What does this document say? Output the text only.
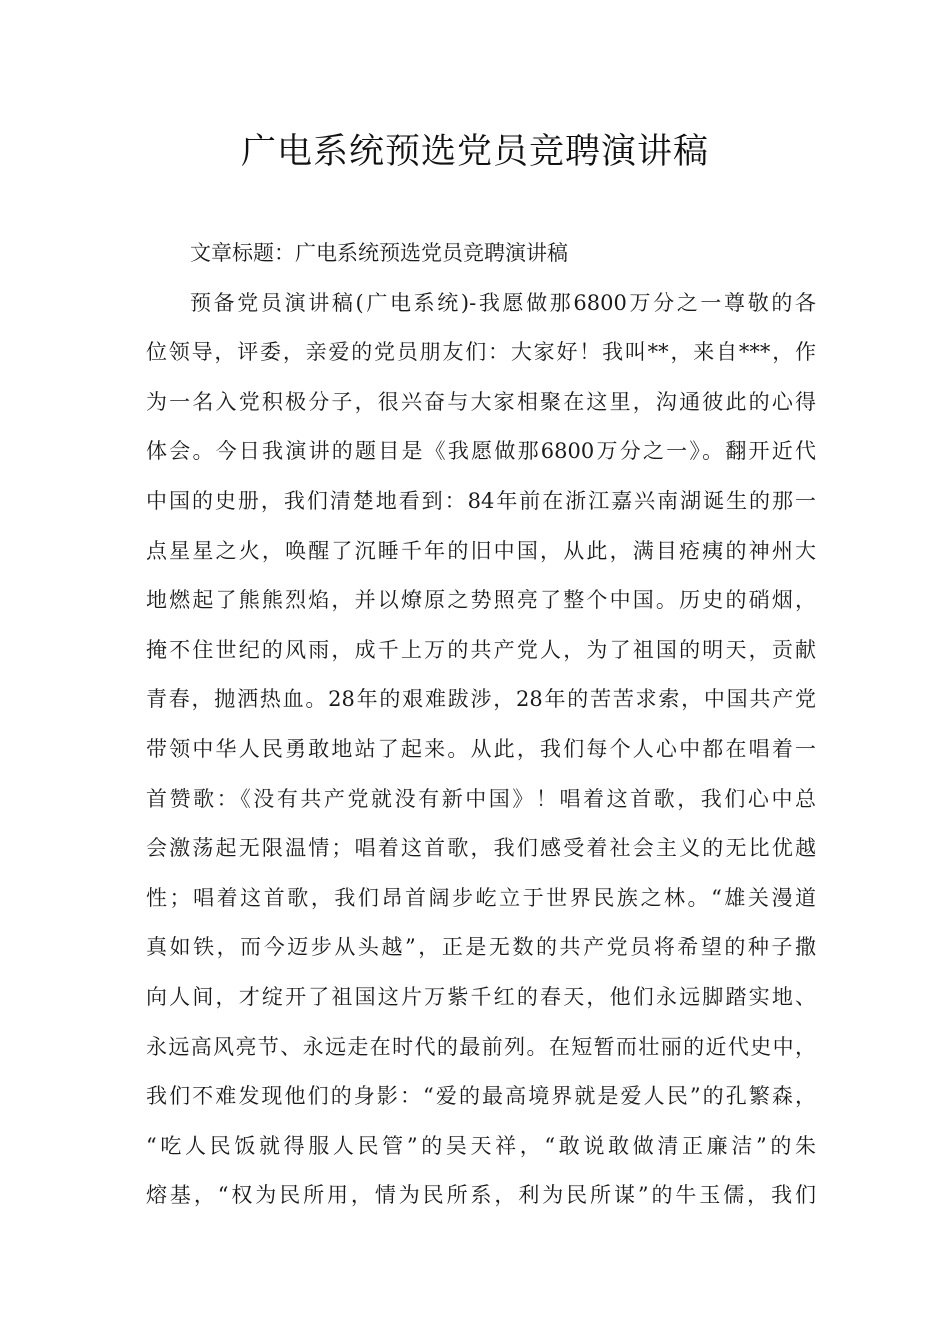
广电系统预选党员竞聘演讲稿
文章标题：广电系统预选党员竞聘演讲稿
预备党员演讲稿(广电系统)-我愿做那6800万分之一尊敬的各
位领导，评委，亲爱的党员朋友们：大家好！我叫**，来自***，作
为一名入党积极分子，很兴奋与大家相聚在这里，沟通彼此的心得
体会。今日我演讲的题目是《我愿做那6800万分之一》。翻开近代
中国的史册，我们清楚地看到：84年前在浙江嘉兴南湖诞生的那一
点星星之火，唤醒了沉睡千年的旧中国，从此，满目疮痍的神州大
地燃起了熊熊烈焰，并以燎原之势照亮了整个中国。历史的硝烟，
掩不住世纪的风雨，成千上万的共产党人，为了祖国的明天，贡献
青春，抛洒热血。28年的艰难跋涉，28年的苦苦求索，中国共产党
带领中华人民勇敢地站了起来。从此，我们每个人心中都在唱着一
首赞歌：《没有共产党就没有新中国》！唱着这首歌，我们心中总
会激荡起无限温情；唱着这首歌，我们感受着社会主义的无比优越
性；唱着这首歌，我们昂首阔步屹立于世界民族之林。“雄关漫道
真如铁，而今迈步从头越”，正是无数的共产党员将希望的种子撒
向人间，才绽开了祖国这片万紫千红的春天，他们永远脚踏实地、
永远高风亮节、永远走在时代的最前列。在短暂而壮丽的近代史中，
我们不难发现他们的身影：“爱的最高境界就是爱人民”的孔繁森，
“吃人民饭就得服人民管”的吴天祥，“敢说敢做清正廉洁”的朱
熔基，“权为民所用，情为民所系，利为民所谋”的牛玉儒，我们
